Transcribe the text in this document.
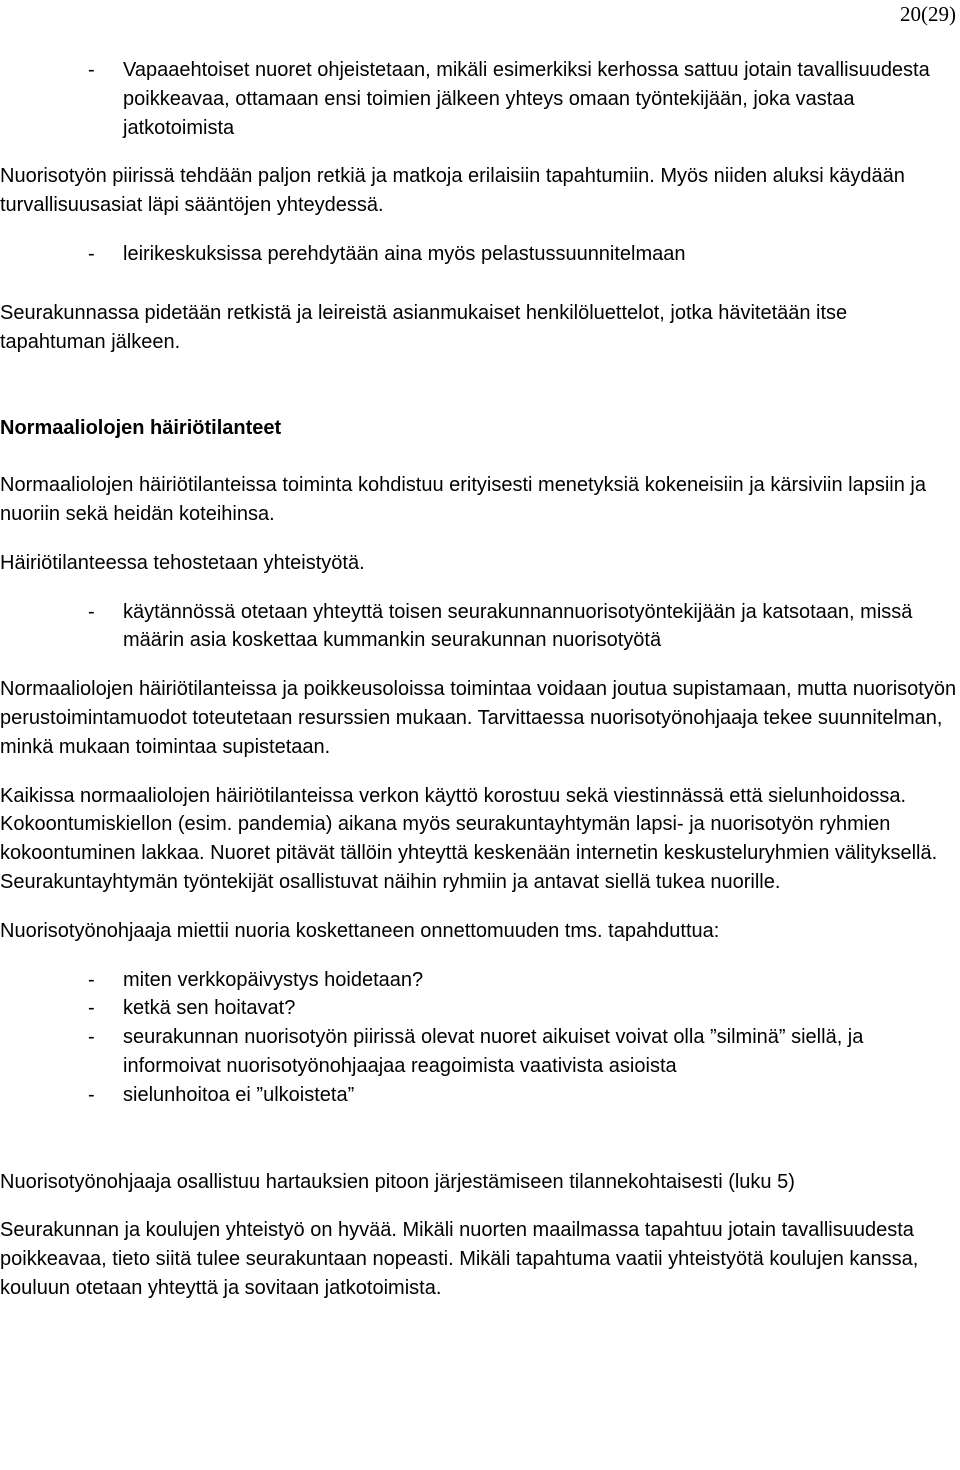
20(29)
- Vapaaehtoiset nuoret ohjeistetaan, mikäli esimerkiksi kerhossa sattuu jotain tavallisuudesta poikkeavaa, ottamaan ensi toimien jälkeen yhteys omaan työntekijään, joka vastaa jatkotoimista

Nuorisotyön piirissä tehdään paljon retkiä ja matkoja erilaisiin tapahtumiin. Myös niiden aluksi käydään turvallisuusasiat läpi sääntöjen yhteydessä.

- leirikeskuksissa perehdytään aina myös pelastussuunnitelmaan

Seurakunnassa pidetään retkistä ja leireistä asianmukaiset henkilöluettelot, jotka hävitetään itse tapahtuman jälkeen.

Normaaliolojen häiriötilanteet

Normaaliolojen häiriötilanteissa toiminta kohdistuu erityisesti menetyksiä kokeneisiin ja kärsiviin lapsiin ja nuoriin sekä heidän koteihinsa.

Häiriötilanteessa tehostetaan yhteistyötä.

- käytännössä otetaan yhteyttä toisen seurakunnannuorisotyöntekijään ja katsotaan, missä määrin asia koskettaa kummankin seurakunnan nuorisotyötä

Normaaliolojen häiriötilanteissa ja poikkeusoloissa toimintaa voidaan joutua supistamaan, mutta nuorisotyön perustoimintamuodot toteutetaan resurssien mukaan. Tarvittaessa nuorisotyönohjaaja tekee suunnitelman, minkä mukaan toimintaa supistetaan.

Kaikissa normaaliolojen häiriötilanteissa verkon käyttö korostuu sekä viestinnässä että sielunhoidossa. Kokoontumiskiellon (esim. pandemia) aikana myös seurakuntayhtymän lapsi- ja nuorisotyön ryhmien kokoontuminen lakkaa. Nuoret pitävät tällöin yhteyttä keskenään internetin keskusteluryhmien välityksellä. Seurakuntayhtymän työntekijät osallistuvat näihin ryhmiin ja antavat siellä tukea nuorille.

Nuorisotyönohjaaja miettii nuoria koskettaneen onnettomuuden tms. tapahduttua:

- miten verkkopäivystys hoidetaan?
- ketkä sen hoitavat?
- seurakunnan nuorisotyön piirissä olevat nuoret aikuiset voivat olla ”silminä” siellä, ja informoivat nuorisotyönohjaajaa reagoimista vaativista asioista
- sielunhoitoa ei ”ulkoisteta”

Nuorisotyönohjaaja osallistuu hartauksien pitoon järjestämiseen tilannekohtaisesti (luku 5)

Seurakunnan ja koulujen yhteistyö on hyvää. Mikäli nuorten maailmassa tapahtuu jotain tavallisuudesta poikkeavaa, tieto siitä tulee seurakuntaan nopeasti. Mikäli tapahtuma vaatii yhteistyötä koulujen kanssa, kouluun otetaan yhteyttä ja sovitaan jatkotoimista.
